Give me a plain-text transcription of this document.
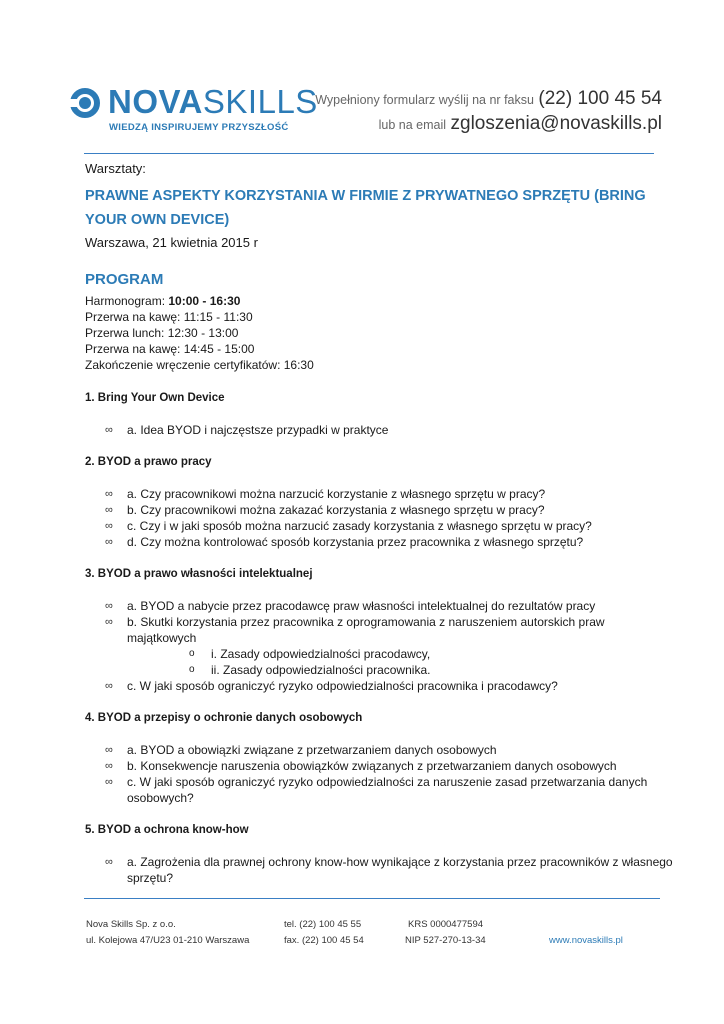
NOVASKILLS
WIEDZĄ INSPIRUJEMY PRZYSZŁOŚĆ
Wypełniony formularz wyślij na nr faksu (22) 100 45 54
lub na email zgloszenia@novaskills.pl
Warsztaty:
PRAWNE ASPEKTY KORZYSTANIA W FIRMIE Z PRYWATNEGO SPRZĘTU (BRING YOUR OWN DEVICE)
Warszawa, 21 kwietnia 2015 r
PROGRAM
Harmonogram: 10:00 - 16:30
Przerwa na kawę: 11:15 - 11:30
Przerwa lunch: 12:30 - 13:00
Przerwa na kawę: 14:45 - 15:00
Zakończenie wręczenie certyfikatów: 16:30
1. Bring Your Own Device
∞ a. Idea BYOD i najczęstsze przypadki w praktyce
2. BYOD a prawo pracy
∞ a. Czy pracownikowi można narzucić korzystanie z własnego sprzętu w pracy?
∞ b. Czy pracownikowi można zakazać korzystania z własnego sprzętu w pracy?
∞ c. Czy i w jaki sposób można narzucić zasady korzystania z własnego sprzętu w pracy?
∞ d. Czy można kontrolować sposób korzystania przez pracownika z własnego sprzętu?
3. BYOD a prawo własności intelektualnej
∞ a. BYOD a nabycie przez pracodawcę praw własności intelektualnej do rezultatów pracy
∞ b. Skutki korzystania przez pracownika z oprogramowania z naruszeniem autorskich praw majątkowych
o i. Zasady odpowiedzialności pracodawcy,
o ii. Zasady odpowiedzialności pracownika.
∞ c. W jaki sposób ograniczyć ryzyko odpowiedzialności pracownika i pracodawcy?
4. BYOD a przepisy o ochronie danych osobowych
∞ a. BYOD a obowiązki związane z przetwarzaniem danych osobowych
∞ b. Konsekwencje naruszenia obowiązków związanych z przetwarzaniem danych osobowych
∞ c. W jaki sposób ograniczyć ryzyko odpowiedzialności za naruszenie zasad przetwarzania danych osobowych?
5. BYOD a ochrona know-how
∞ a. Zagrożenia dla prawnej ochrony know-how wynikające z korzystania przez pracowników z własnego sprzętu?
Nova Skills Sp. z o.o.
ul. Kolejowa 47/U23 01-210 Warszawa
tel. (22) 100 45 55
fax. (22) 100 45 54
KRS 0000477594
NIP 527-270-13-34	www.novaskills.pl
